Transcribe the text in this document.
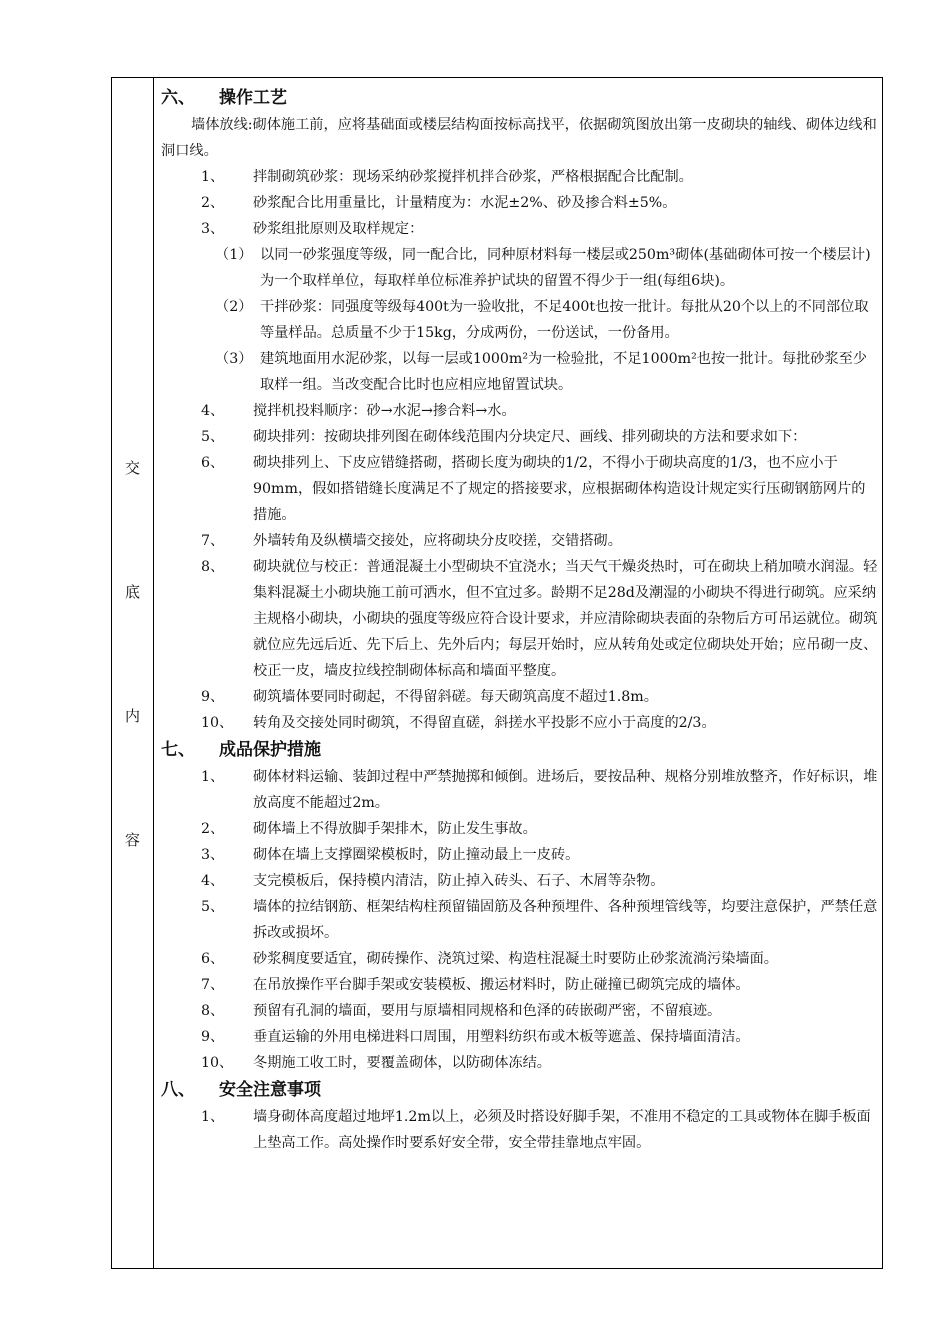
交
底
内
容
六、 操作工艺

墙体放线:砌体施工前，应将基础面或楼层结构面按标高找平，依据砌筑图放出第一皮砌块的轴线、砌体边线和洞口线。

1、 拌制砌筑砂浆：现场采纳砂浆搅拌机拌合砂浆，严格根据配合比配制。
2、 砂浆配合比用重量比，计量精度为：水泥±2%、砂及掺合料±5%。
3、 砂浆组批原则及取样规定：
（1） 以同一砂浆强度等级，同一配合比，同种原材料每一楼层或250m³砌体(基础砌体可按一个楼层计)为一个取样单位，每取样单位标准养护试块的留置不得少于一组(每组6块)。
（2） 干拌砂浆：同强度等级每400t为一验收批，不足400t也按一批计。每批从20个以上的不同部位取等量样品。总质量不少于15kg，分成两份，一份送试，一份备用。
（3） 建筑地面用水泥砂浆，以每一层或1000m²为一检验批，不足1000m²也按一批计。每批砂浆至少取样一组。当改变配合比时也应相应地留置试块。
4、 搅拌机投料顺序：砂→水泥→掺合料→水。
5、 砌块排列：按砌块排列图在砌体线范围内分块定尺、画线、排列砌块的方法和要求如下：
6、 砌块排列上、下皮应错缝搭砌，搭砌长度为砌块的1/2，不得小于砌块高度的1/3，也不应小于90mm，假如搭错缝长度满足不了规定的搭接要求，应根据砌体构造设计规定实行压砌钢筋网片的措施。
7、 外墙转角及纵横墙交接处，应将砌块分皮咬搓，交错搭砌。
8、 砌块就位与校正：普通混凝土小型砌块不宜浇水；当天气干燥炎热时，可在砌块上稍加喷水润湿。轻集料混凝土小砌块施工前可洒水，但不宜过多。龄期不足28d及潮湿的小砌块不得进行砌筑。应采纳主规格小砌块，小砌块的强度等级应符合设计要求，并应清除砌块表面的杂物后方可吊运就位。砌筑就位应先远后近、先下后上、先外后内；每层开始时，应从转角处或定位砌块处开始；应吊砌一皮、校正一皮，墙皮拉线控制砌体标高和墙面平整度。
9、 砌筑墙体要同时砌起，不得留斜磋。每天砌筑高度不超过1.8m。
10、 转角及交接处同时砌筑，不得留直磋，斜搓水平投影不应小于高度的2/3。
七、 成品保护措施
1、 砌体材料运输、装卸过程中严禁抛掷和倾倒。进场后，要按品种、规格分别堆放整齐，作好标识，堆放高度不能超过2m。
2、 砌体墙上不得放脚手架排木，防止发生事故。
3、 砌体在墙上支撑圈梁模板时，防止撞动最上一皮砖。
4、 支完模板后，保持模内清洁，防止掉入砖头、石子、木屑等杂物。
5、 墙体的拉结钢筋、框架结构柱预留锚固筋及各种预埋件、各种预埋管线等，均要注意保护，严禁任意拆改或损坏。
6、 砂浆稠度要适宜，砌砖操作、浇筑过梁、构造柱混凝土时要防止砂浆流淌污染墙面。
7、 在吊放操作平台脚手架或安装模板、搬运材料时，防止碰撞已砌筑完成的墙体。
8、 预留有孔洞的墙面，要用与原墙相同规格和色泽的砖嵌砌严密，不留痕迹。
9、 垂直运输的外用电梯进料口周围，用塑料纺织布或木板等遮盖、保持墙面清洁。
10、 冬期施工收工时，要覆盖砌体，以防砌体冻结。
八、 安全注意事项
1、 墙身砌体高度超过地坪1.2m以上，必须及时搭设好脚手架，不准用不稳定的工具或物体在脚手板面上垫高工作。高处操作时要系好安全带，安全带挂靠地点牢固。
